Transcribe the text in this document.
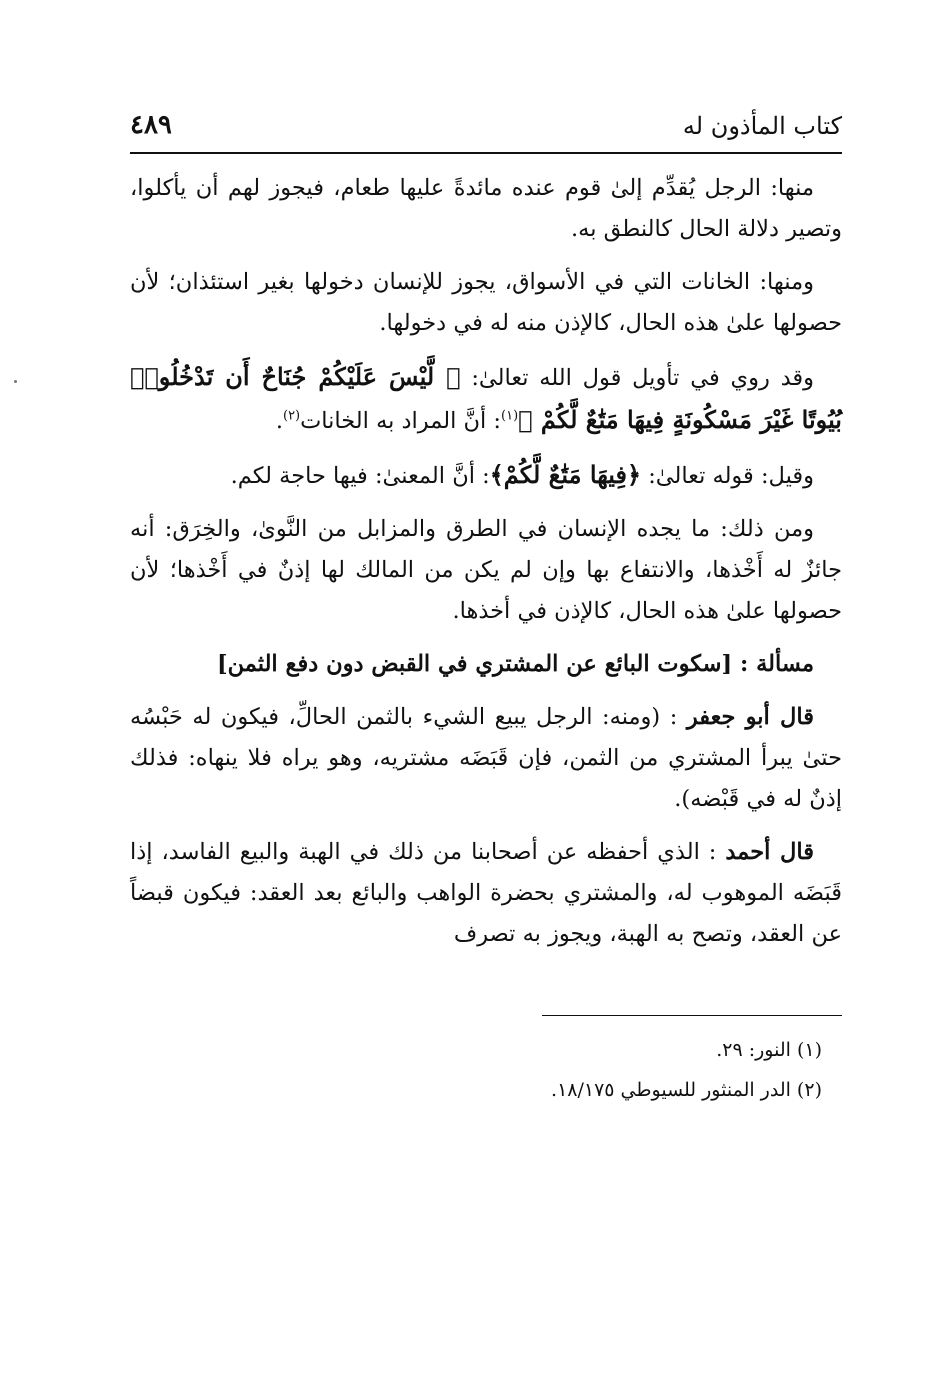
كتاب المأذون له
٤٨٩

منها: الرجل يُقدِّم إلىٰ قوم عنده مائدةً عليها طعام، فيجوز لهم أن يأكلوا، وتصير دلالة الحال كالنطق به.

ومنها: الخانات التي في الأسواق، يجوز للإنسان دخولها بغير استئذان؛ لأن حصولها علىٰ هذه الحال، كالإذن منه له في دخولها.

وقد روي في تأويل قول الله تعالىٰ: ﴿ لَّيْسَ عَلَيْكُمْ جُنَاحٌ أَن تَدْخُلُوا۟ بُيُوتًا غَيْرَ مَسْكُونَةٍ فِيهَا مَتَٰعٌ لَّكُمْ ﴾$^{(١)}$: أنَّ المراد به الخانات$^{(٢)}$.

وقيل: قوله تعالىٰ: ﴿فِيهَا مَتَٰعٌ لَّكُمْ﴾: أنَّ المعنىٰ: فيها حاجة لكم.

ومن ذلك: ما يجده الإنسان في الطرق والمزابل من النَّوىٰ، والخِرَق: أنه جائزٌ له أَخْذها، والانتفاع بها وإن لم يكن من المالك لها إذنٌ في أَخْذها؛ لأن حصولها علىٰ هذه الحال، كالإذن في أخذها.

مسألة : [سكوت البائع عن المشتري في القبض دون دفع الثمن]

قال أبو جعفر : (ومنه: الرجل يبيع الشيء بالثمن الحالِّ، فيكون له حَبْسُه حتىٰ يبرأ المشتري من الثمن، فإن قَبَضَه مشتريه، وهو يراه فلا ينهاه: فذلك إذنٌ له في قَبْضه).

قال أحمد : الذي أحفظه عن أصحابنا من ذلك في الهبة والبيع الفاسد، إذا قَبَضَه الموهوب له، والمشتري بحضرة الواهب والبائع بعد العقد: فيكون قبضاً عن العقد، وتصح به الهبة، ويجوز به تصرف

(١) النور: ٢٩.
(٢) الدر المنثور للسيوطي ١٨/١٧٥.
